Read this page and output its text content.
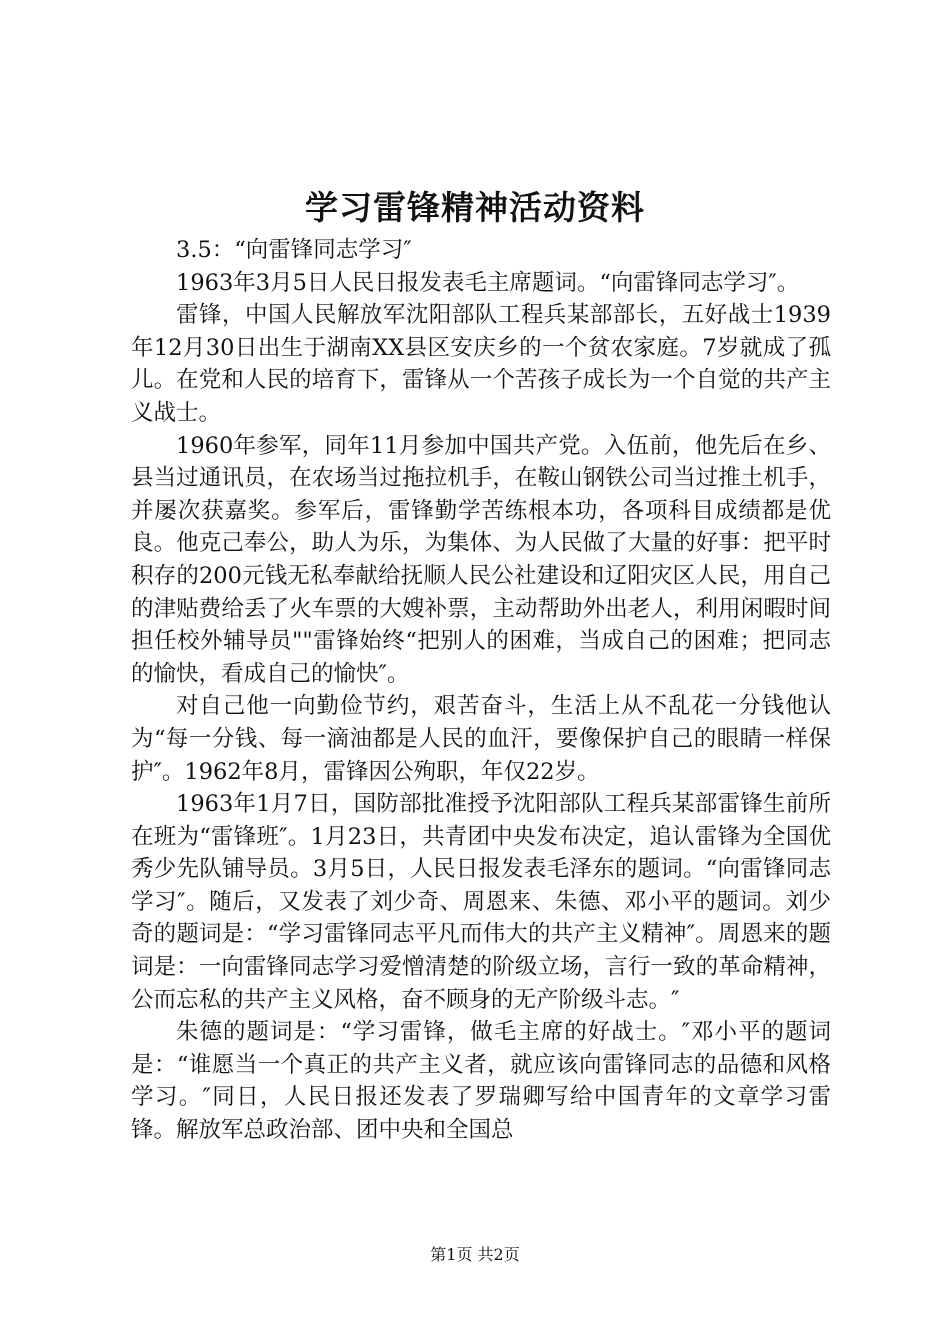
学习雷锋精神活动资料

3.5：“向雷锋同志学习″

1963年3月5日人民日报发表毛主席题词。“向雷锋同志学习″。

雷锋，中国人民解放军沈阳部队工程兵某部部长，五好战士1939年12月30日出生于湖南XX县区安庆乡的一个贫农家庭。7岁就成了孤儿。在党和人民的培育下，雷锋从一个苦孩子成长为一个自觉的共产主义战士。

1960年参军，同年11月参加中国共产党。入伍前，他先后在乡、县当过通讯员，在农场当过拖拉机手，在鞍山钢铁公司当过推土机手，并屡次获嘉奖。参军后，雷锋勤学苦练根本功，各项科目成绩都是优良。他克己奉公，助人为乐，为集体、为人民做了大量的好事：把平时积存的200元钱无私奉献给抚顺人民公社建设和辽阳灾区人民，用自己的津贴费给丢了火车票的大嫂补票，主动帮助外出老人，利用闲暇时间担任校外辅导员""雷锋始终“把别人的困难，当成自己的困难；把同志的愉快，看成自己的愉快″。

对自己他一向勤俭节约，艰苦奋斗，生活上从不乱花一分钱他认为“每一分钱、每一滴油都是人民的血汗，要像保护自己的眼睛一样保护″。1962年8月，雷锋因公殉职，年仅22岁。

1963年1月7日，国防部批准授予沈阳部队工程兵某部雷锋生前所在班为“雷锋班″。1月23日，共青团中央发布决定，追认雷锋为全国优秀少先队铺导员。3月5日，人民日报发表毛泽东的题词。“向雷锋同志学习″。随后，又发表了刘少奇、周恩来、朱德、邓小平的题词。刘少奇的题词是：“学习雷锋同志平凡而伟大的共产主义精神″。周恩来的题词是：一向雷锋同志学习爱憎清楚的阶级立场，言行一致的革命精神，公而忘私的共产主义风格，奋不顾身的无产阶级斗志。″

朱德的题词是：“学习雷锋，做毛主席的好战士。″邓小平的题词是：“谁愿当一个真正的共产主义者，就应该向雷锋同志的品德和风格学习。″同日，人民日报还发表了罗瑞卿写给中国青年的文章学习雷锋。解放军总政治部、团中央和全国总

第1页 共2页
